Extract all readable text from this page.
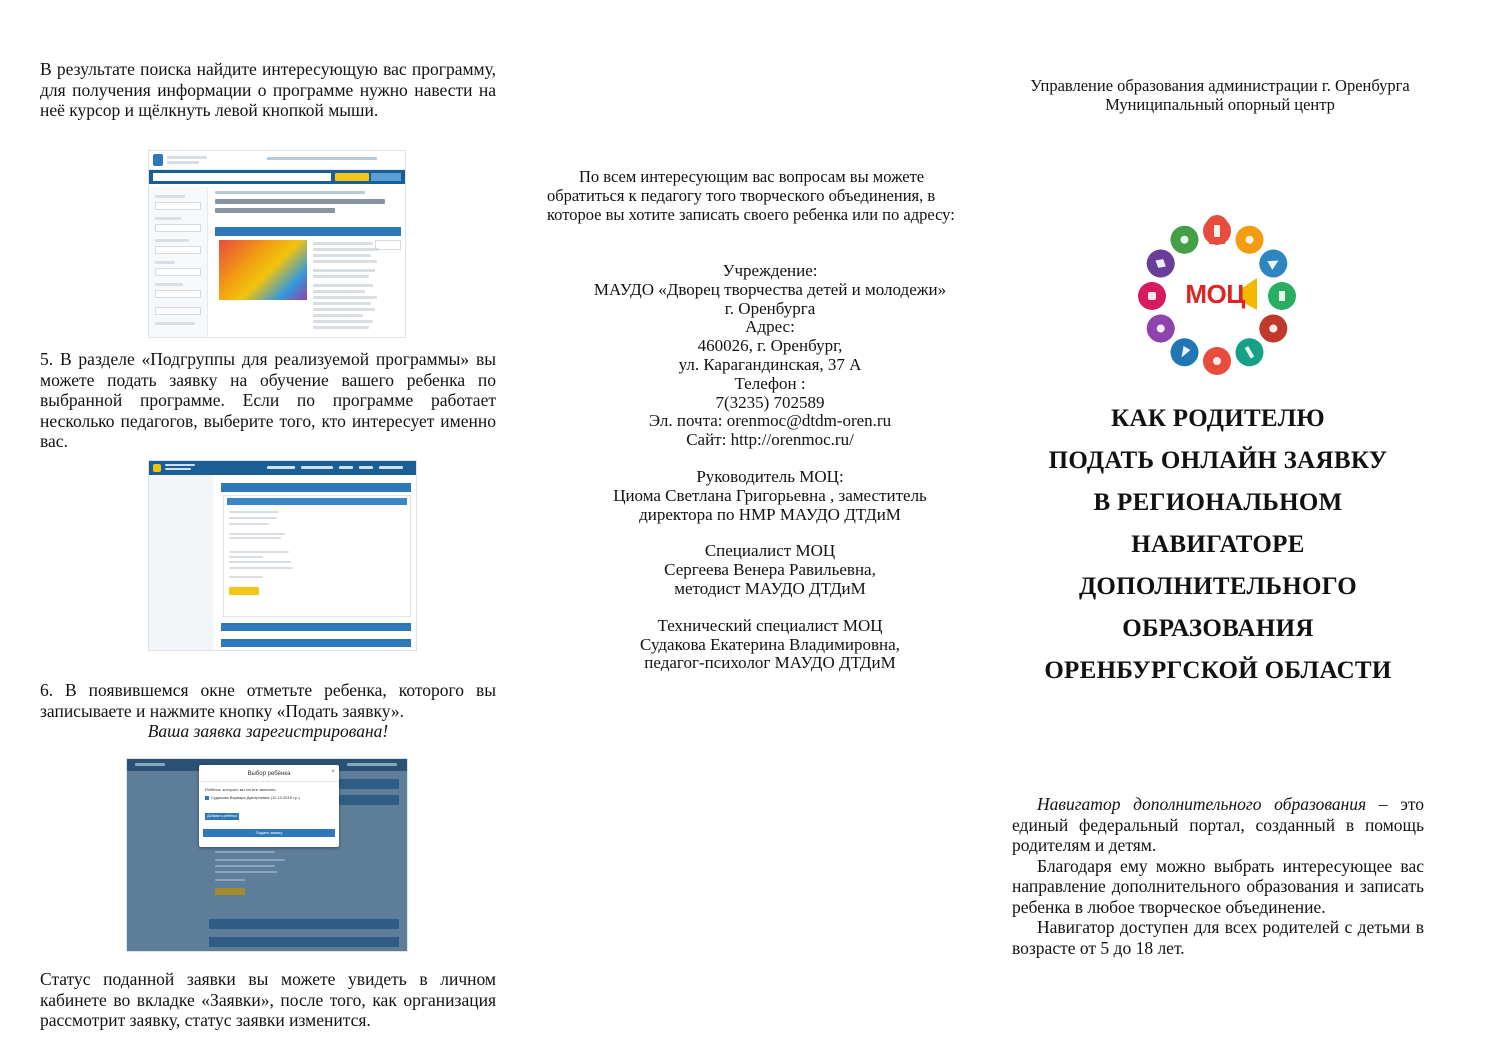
В результате поиска найдите интересующую вас программу, для получения информации о программе нужно навести на неё курсор и щёлкнуть левой кнопкой мыши.

5. В разделе «Подгруппы для реализуемой программы» вы можете подать заявку на обучение вашего ребенка по выбранной программе. Если по программе работает несколько педагогов, выберите того, кто интересует именно вас.

6. В появившемся окне отметьте ребенка, которого вы записываете и нажмите кнопку «Подать заявку».

Ваша заявка зарегистрирована!

Выбор ребёнка	×
Ребёнок, которого вы хотите записать
Судакова Варвара Дмитриевна (10.10.2015 г.р.)
Добавить ребёнка
Подать заявку

Статус поданной заявки вы можете увидеть в личном кабинете во вкладке «Заявки», после того, как организация рассмотрит заявку, статус заявки изменится.

По всем интересующим вас вопросам вы можете обратиться к педагогу того творческого объединения, в которое вы хотите записать своего ребенка или по адресу:

Учреждение:
МАУДО «Дворец творчества детей и молодежи»
г. Оренбурга
Адрес:
460026, г. Оренбург,
ул. Карагандинская, 37 А
Телефон :
7(3235) 702589
Эл. почта: orenmoc@dtdm-oren.ru
Сайт: http://orenmoc.ru/
Руководитель МОЦ:
Циома Светлана Григорьевна , заместитель
директора по НМР МАУДО ДТДиМ
Специалист МОЦ
Сергеева Венера Равильевна,
методист МАУДО ДТДиМ
Технический специалист МОЦ
Судакова Екатерина Владимировна,
педагог-психолог МАУДО ДТДиМ
Управление образования администрации г. Оренбурга
Муниципальный опорный центр
МОЦ
КАК РОДИТЕЛЮ
ПОДАТЬ ОНЛАЙН ЗАЯВКУ
В РЕГИОНАЛЬНОМ
НАВИГАТОРЕ
ДОПОЛНИТЕЛЬНОГО
ОБРАЗОВАНИЯ
ОРЕНБУРГСКОЙ ОБЛАСТИ

Навигатор дополнительного образования – это единый федеральный портал, созданный в помощь родителям и детям.

Благодаря ему можно выбрать интересующее вас направление дополнительного образования и записать ребенка в любое творческое объединение.

Навигатор доступен для всех родителей с детьми в возрасте от 5 до 18 лет.
